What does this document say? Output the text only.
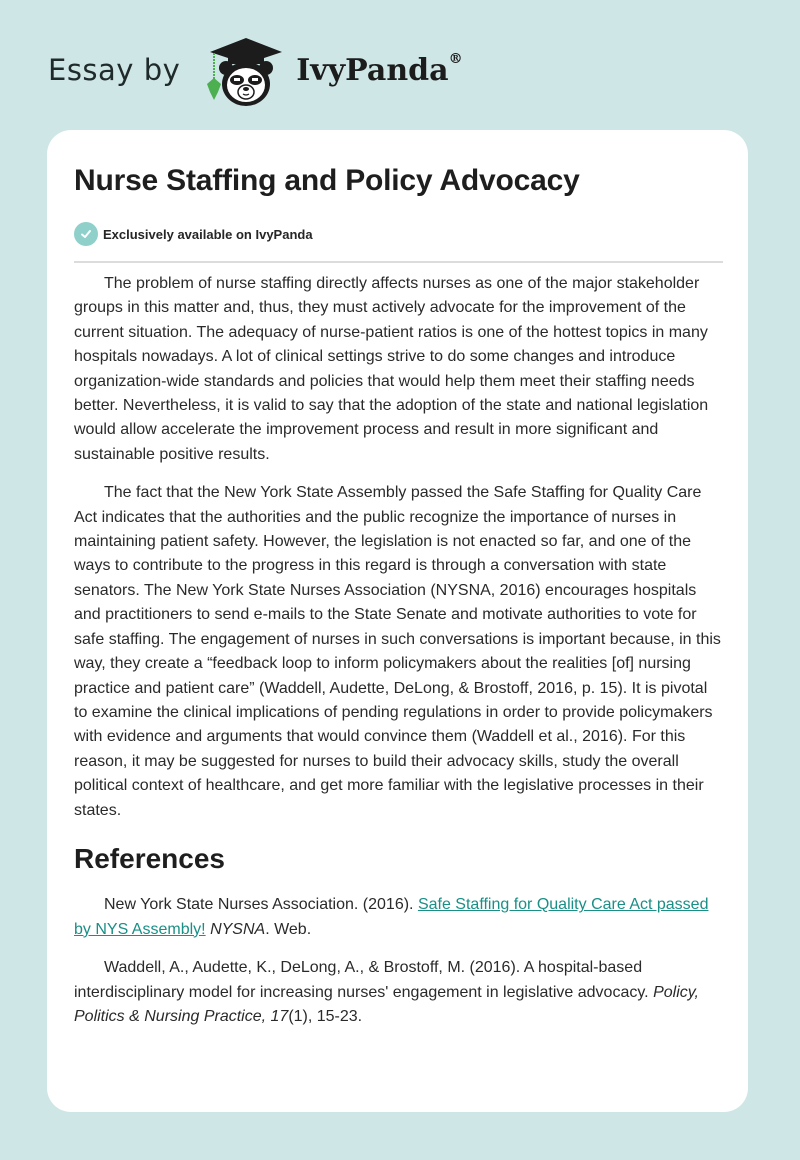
Essay by	IvyPanda®
Nurse Staffing and Policy Advocacy
Exclusively available on IvyPanda

The problem of nurse staffing directly affects nurses as one of the major stakeholder groups in this matter and, thus, they must actively advocate for the improvement of the current situation. The adequacy of nurse-patient ratios is one of the hottest topics in many hospitals nowadays. A lot of clinical settings strive to do some changes and introduce organization-wide standards and policies that would help them meet their staffing needs better. Nevertheless, it is valid to say that the adoption of the state and national legislation would allow accelerate the improvement process and result in more significant and sustainable positive results.

The fact that the New York State Assembly passed the Safe Staffing for Quality Care Act indicates that the authorities and the public recognize the importance of nurses in maintaining patient safety. However, the legislation is not enacted so far, and one of the ways to contribute to the progress in this regard is through a conversation with state senators. The New York State Nurses Association (NYSNA, 2016) encourages hospitals and practitioners to send e-mails to the State Senate and motivate authorities to vote for safe staffing. The engagement of nurses in such conversations is important because, in this way, they create a “feedback loop to inform policymakers about the realities [of] nursing practice and patient care” (Waddell, Audette, DeLong, & Brostoff, 2016, p. 15). It is pivotal to examine the clinical implications of pending regulations in order to provide policymakers with evidence and arguments that would convince them (Waddell et al., 2016). For this reason, it may be suggested for nurses to build their advocacy skills, study the overall political context of healthcare, and get more familiar with the legislative processes in their states.

References

New York State Nurses Association. (2016). Safe Staffing for Quality Care Act passed by NYS Assembly! NYSNA. Web.

Waddell, A., Audette, K., DeLong, A., & Brostoff, M. (2016). A hospital-based interdisciplinary model for increasing nurses' engagement in legislative advocacy. Policy, Politics & Nursing Practice, 17(1), 15-23.
